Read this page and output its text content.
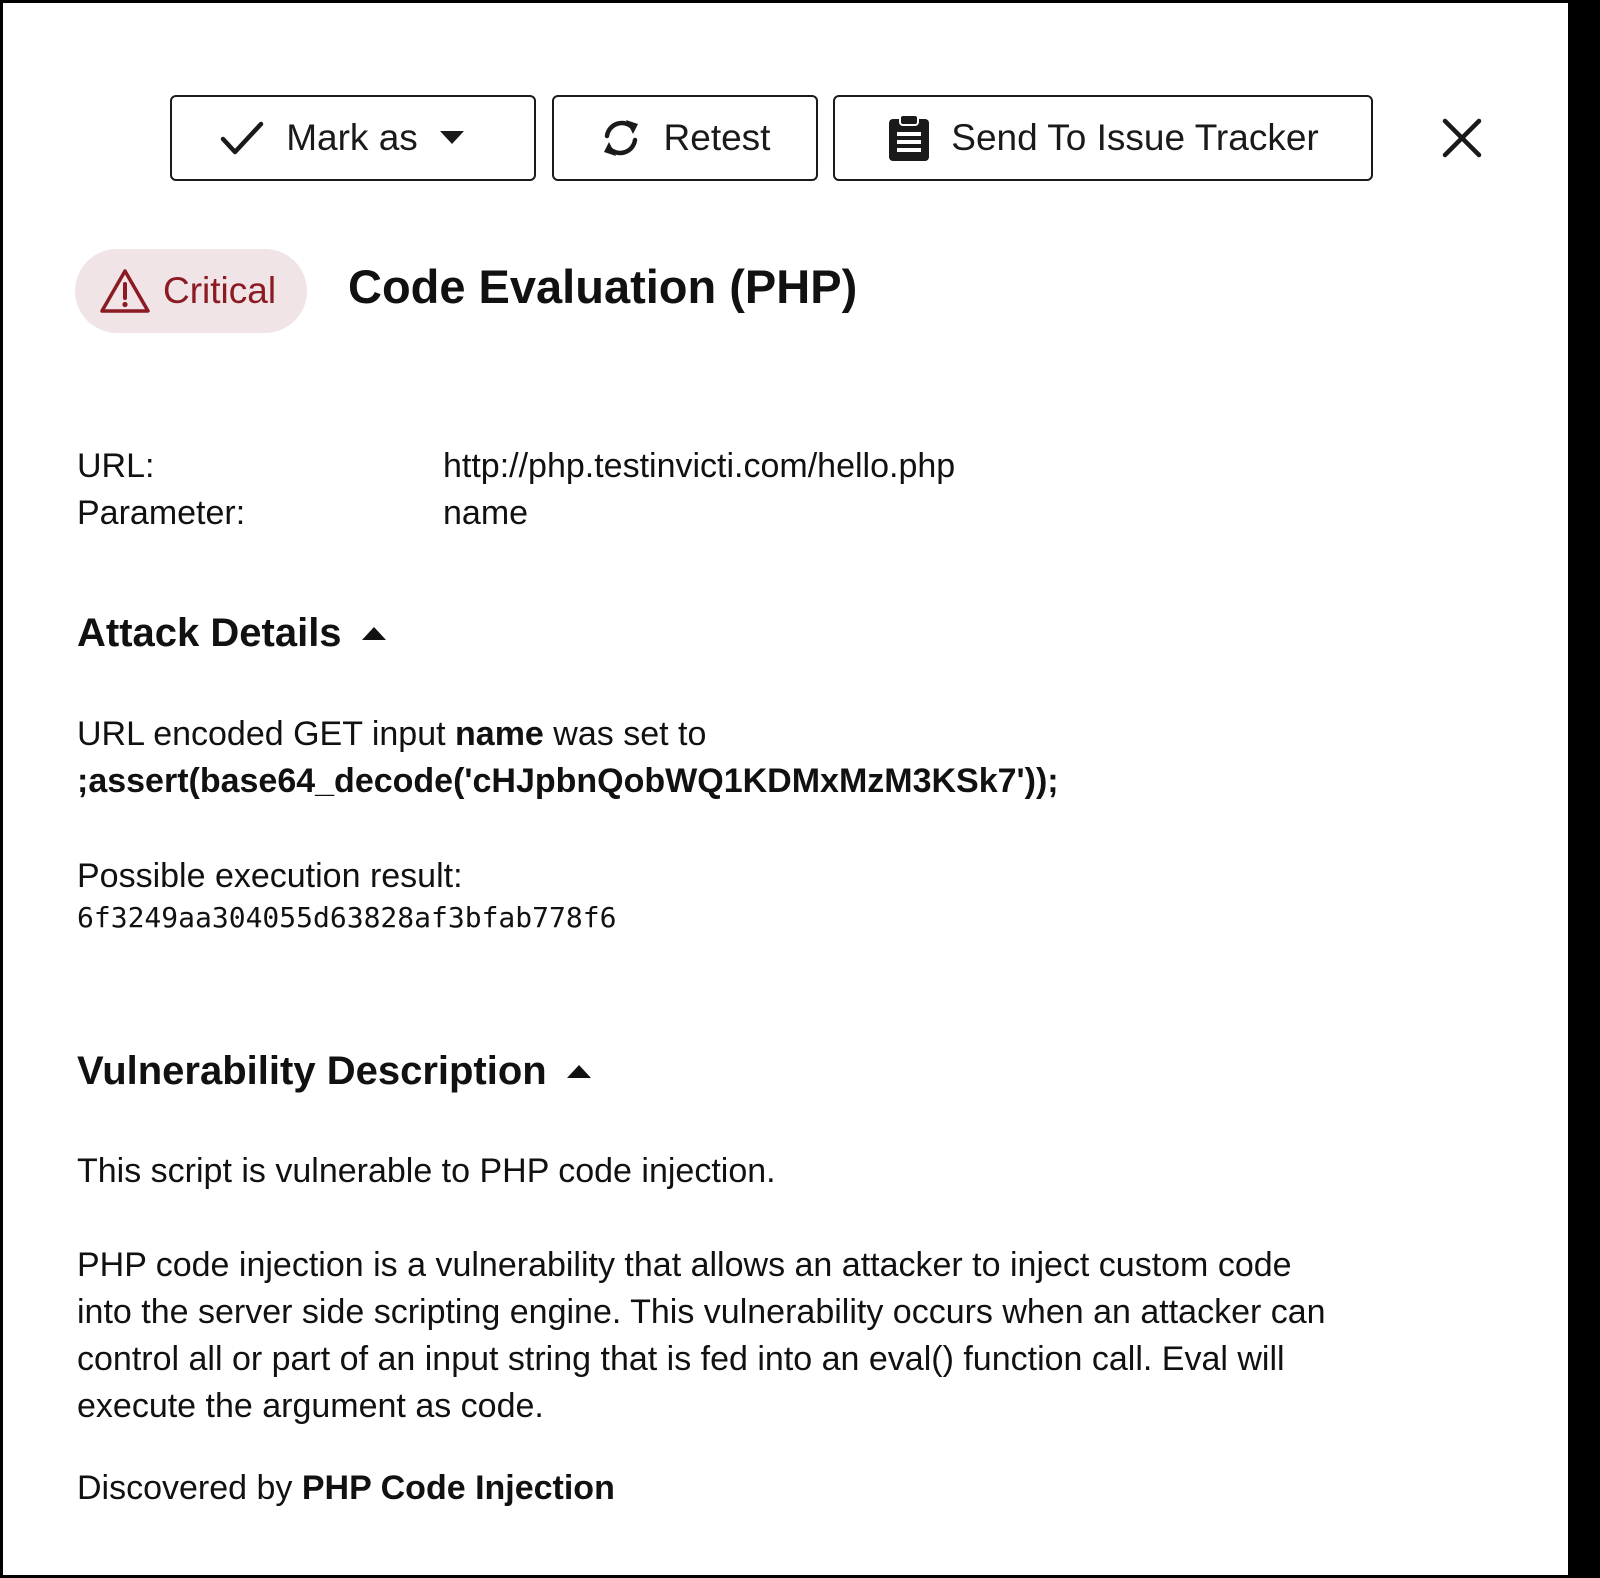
Mark as	Retest	Send To Issue Tracker
Critical Code Evaluation (PHP)
URL:	http://php.testinvicti.com/hello.php
Parameter:	name
Attack Details
URL encoded GET input name was set to
;assert(base64_decode('cHJpbnQobWQ1KDMxMzM3KSk7'));
Possible execution result:
6f3249aa304055d63828af3bfab778f6
Vulnerability Description
This script is vulnerable to PHP code injection.
PHP code injection is a vulnerability that allows an attacker to inject custom code
into the server side scripting engine. This vulnerability occurs when an attacker can
control all or part of an input string that is fed into an eval() function call. Eval will
execute the argument as code.
Discovered by PHP Code Injection
